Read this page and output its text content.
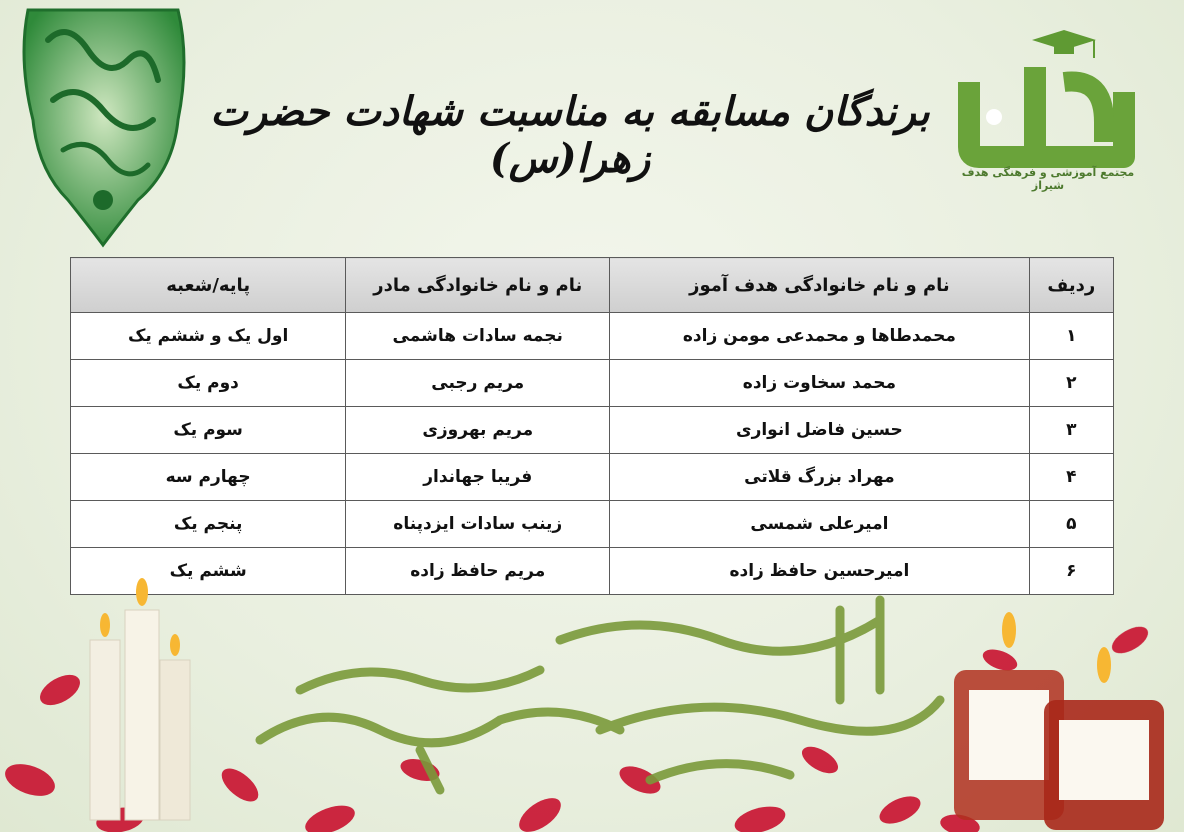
مجتمع آموزشی و فرهنگی هدف شیراز
برندگان مسابقه به مناسبت شهادت حضرت زهرا(س)
ردیف	نام و نام خانوادگی هدف آموز	نام و نام خانوادگی مادر	پایه/شعبه
۱	محمدطاها و محمدعی مومن زاده	نجمه سادات هاشمی	اول یک و ششم یک
۲	محمد سخاوت زاده	مریم رجبی	دوم یک
۳	حسین فاضل انواری	مریم بهروزی	سوم یک
۴	مهراد بزرگ قلاتی	فریبا جهاندار	چهارم سه
۵	امیرعلی شمسی	زینب سادات ایزدپناه	پنجم یک
۶	امیرحسین حافظ زاده	مریم حافظ زاده	ششم یک
